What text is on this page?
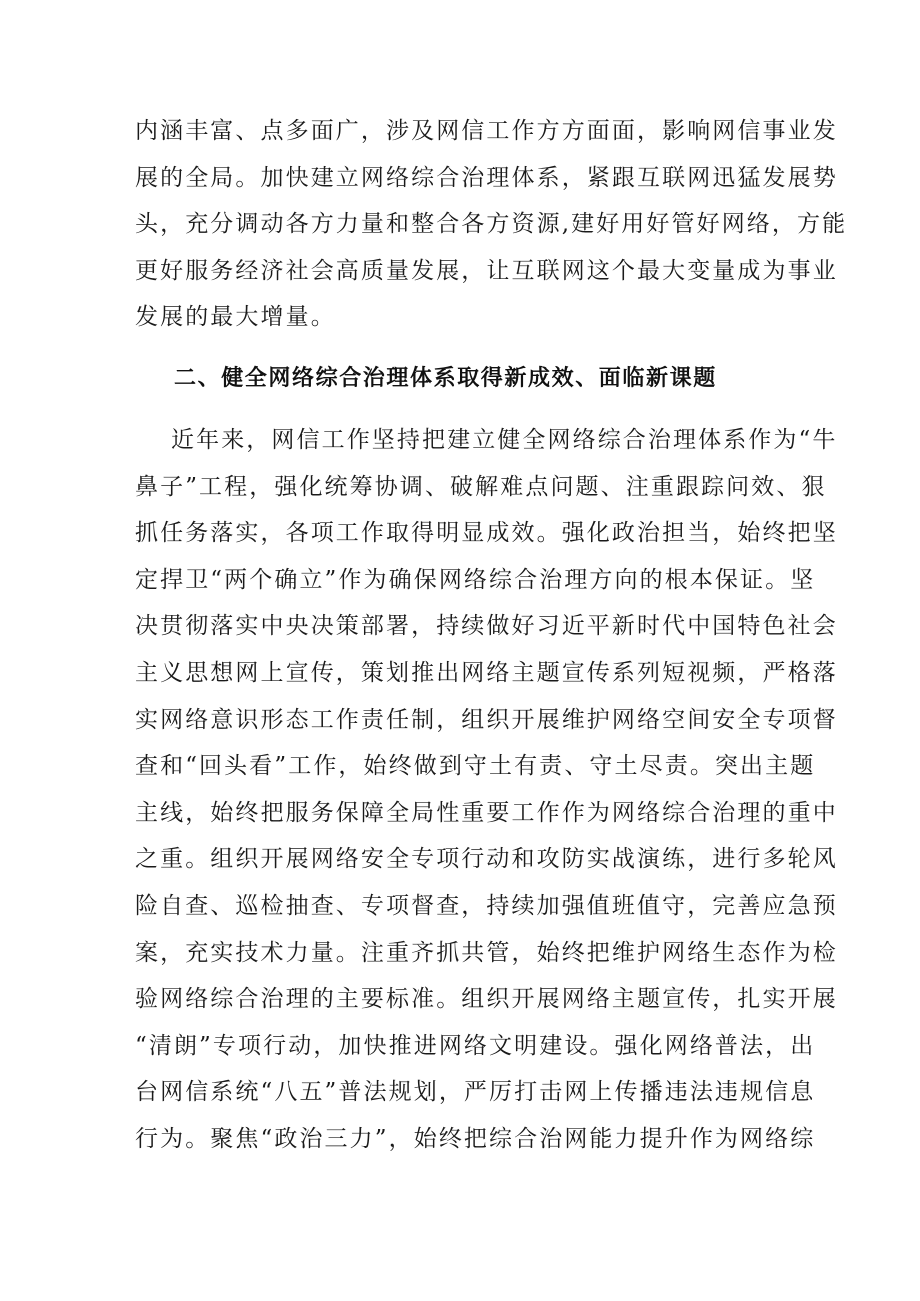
内涵丰富、点多面广，涉及网信工作方方面面，影响网信事业发
展的全局。加快建立网络综合治理体系，紧跟互联网迅猛发展势
头，充分调动各方力量和整合各方资源,建好用好管好网络，方能
更好服务经济社会高质量发展，让互联网这个最大变量成为事业
发展的最大增量。
二、健全网络综合治理体系取得新成效、面临新课题
近年来，网信工作坚持把建立健全网络综合治理体系作为“牛
鼻子”工程，强化统筹协调、破解难点问题、注重跟踪问效、狠
抓任务落实，各项工作取得明显成效。强化政治担当，始终把坚
定捍卫“两个确立”作为确保网络综合治理方向的根本保证。坚
决贯彻落实中央决策部署，持续做好习近平新时代中国特色社会
主义思想网上宣传，策划推出网络主题宣传系列短视频，严格落
实网络意识形态工作责任制，组织开展维护网络空间安全专项督
查和“回头看”工作，始终做到守土有责、守土尽责。突出主题
主线，始终把服务保障全局性重要工作作为网络综合治理的重中
之重。组织开展网络安全专项行动和攻防实战演练，进行多轮风
险自查、巡检抽查、专项督查，持续加强值班值守，完善应急预
案，充实技术力量。注重齐抓共管，始终把维护网络生态作为检
验网络综合治理的主要标准。组织开展网络主题宣传，扎实开展
“清朗”专项行动，加快推进网络文明建设。强化网络普法，出
台网信系统“八五”普法规划，严厉打击网上传播违法违规信息
行为。聚焦“政治三力”，始终把综合治网能力提升作为网络综
